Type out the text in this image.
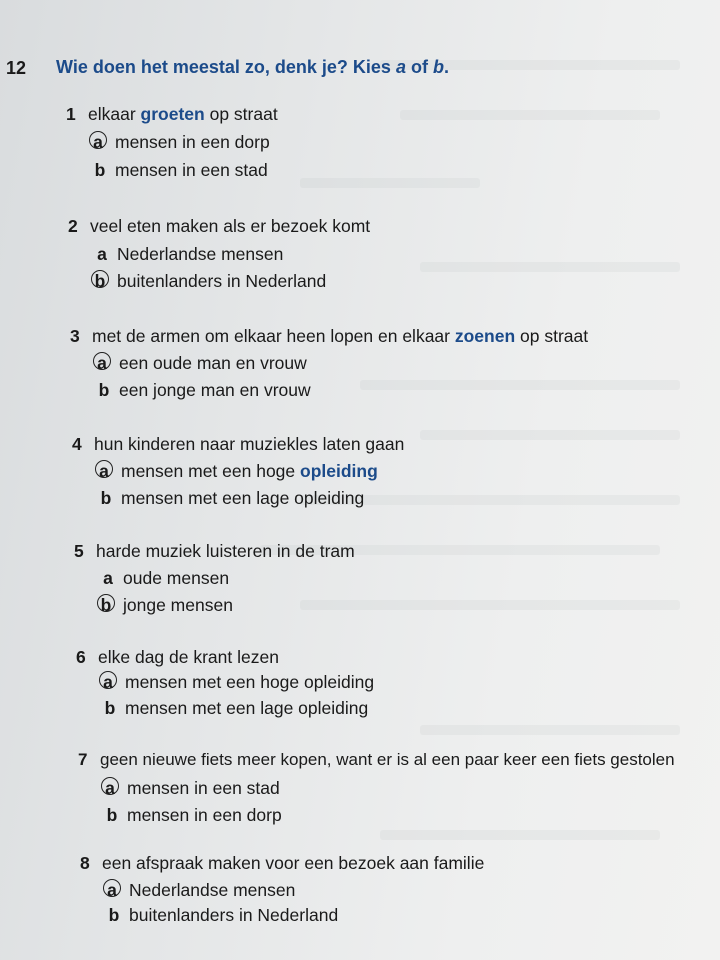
12 Wie doen het meestal zo, denk je? Kies a of b.
1 elkaar groeten op straat
a mensen in een dorp
b mensen in een stad
2 veel eten maken als er bezoek komt
a Nederlandse mensen
b buitenlanders in Nederland
3 met de armen om elkaar heen lopen en elkaar zoenen op straat
a een oude man en vrouw
b een jonge man en vrouw
4 hun kinderen naar muziekles laten gaan
a mensen met een hoge opleiding
b mensen met een lage opleiding
5 harde muziek luisteren in de tram
a oude mensen
b jonge mensen
6 elke dag de krant lezen
a mensen met een hoge opleiding
b mensen met een lage opleiding
7 geen nieuwe fiets meer kopen, want er is al een paar keer een fiets gestolen
a mensen in een stad
b mensen in een dorp
8 een afspraak maken voor een bezoek aan familie
a Nederlandse mensen
b buitenlanders in Nederland
